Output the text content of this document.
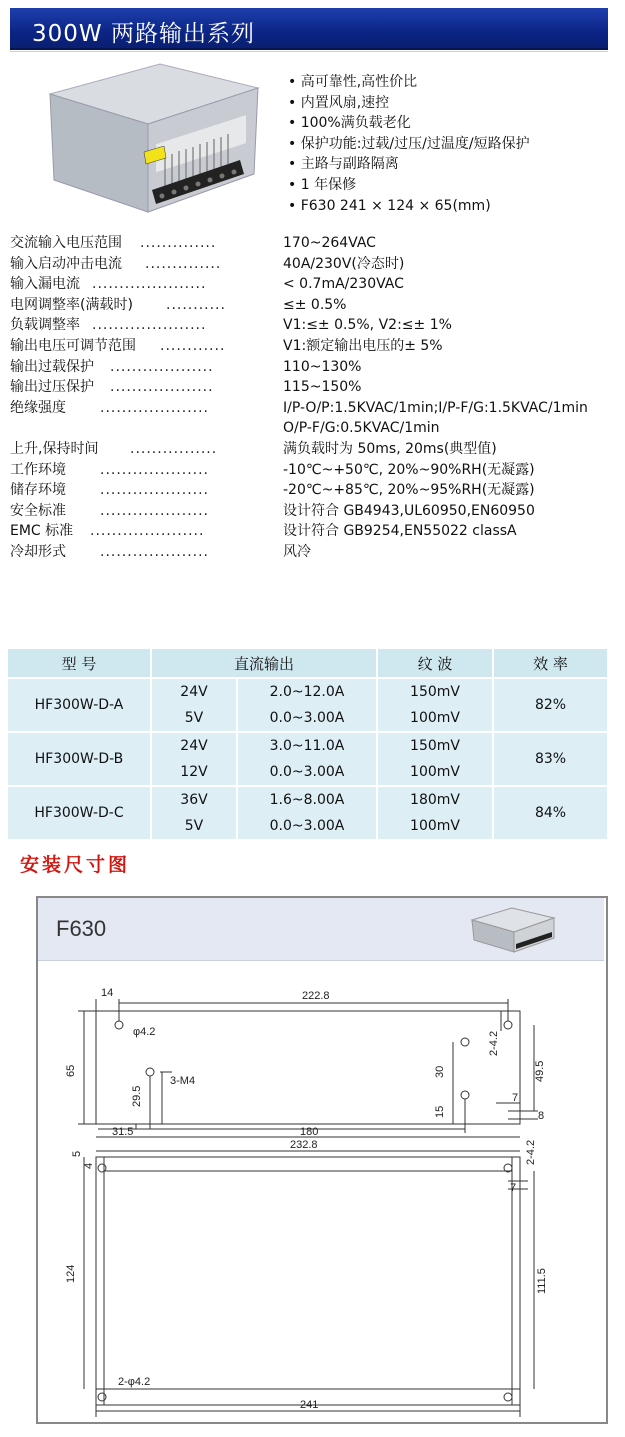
300W 两路输出系列
• 高可靠性,高性价比
• 内置风扇,速控
• 100%满负载老化
• 保护功能:过载/过压/过温度/短路保护
• 主路与副路隔离
• 1 年保修
• F630 241 × 124 × 65(mm)
交流输入电压范围 ..............	170~264VAC
输入启动冲击电流 ..............	40A/230V(冷态时)
输入漏电流 .....................	< 0.7mA/230VAC
电网调整率(满载时) ...........	≤± 0.5%
负载调整率 .....................	V1:≤± 0.5%, V2:≤± 1%
输出电压可调节范围 ............	V1:额定输出电压的± 5%
输出过载保护 ...................	110~130%
输出过压保护 ...................	115~150%
绝缘强度 ....................	I/P-O/P:1.5KVAC/1min;I/P-F/G:1.5KVAC/1min
O/P-F/G:0.5KVAC/1min
上升,保持时间 ................	满负载时为 50ms, 20ms(典型值)
工作环境 ....................	-10℃~+50℃, 20%~90%RH(无凝露)
储存环境 ....................	-20℃~+85℃, 20%~95%RH(无凝露)
安全标准 ....................	设计符合 GB4943,UL60950,EN60950
EMC 标准 .....................	设计符合 GB9254,EN55022 classA
冷却形式 ....................	风冷
型 号	直流输出		纹 波	效 率
HF300W-D-A	24V	2.0~12.0A	150mV	82%
	5V	0.0~3.00A	100mV	
HF300W-D-B	24V	3.0~11.0A	150mV	83%
	12V	0.0~3.00A	100mV	
HF300W-D-C	36V	1.6~8.00A	180mV	84%
	5V	0.0~3.00A	100mV	
安装尺寸图
F630
14	222.8
φ4.2
65
29.5
3-M4
31.5	180
30
15
2-4.2
49.5
7
8
5
4
232.8	2-4.2
7
124	111.5
2-φ4.2
241
